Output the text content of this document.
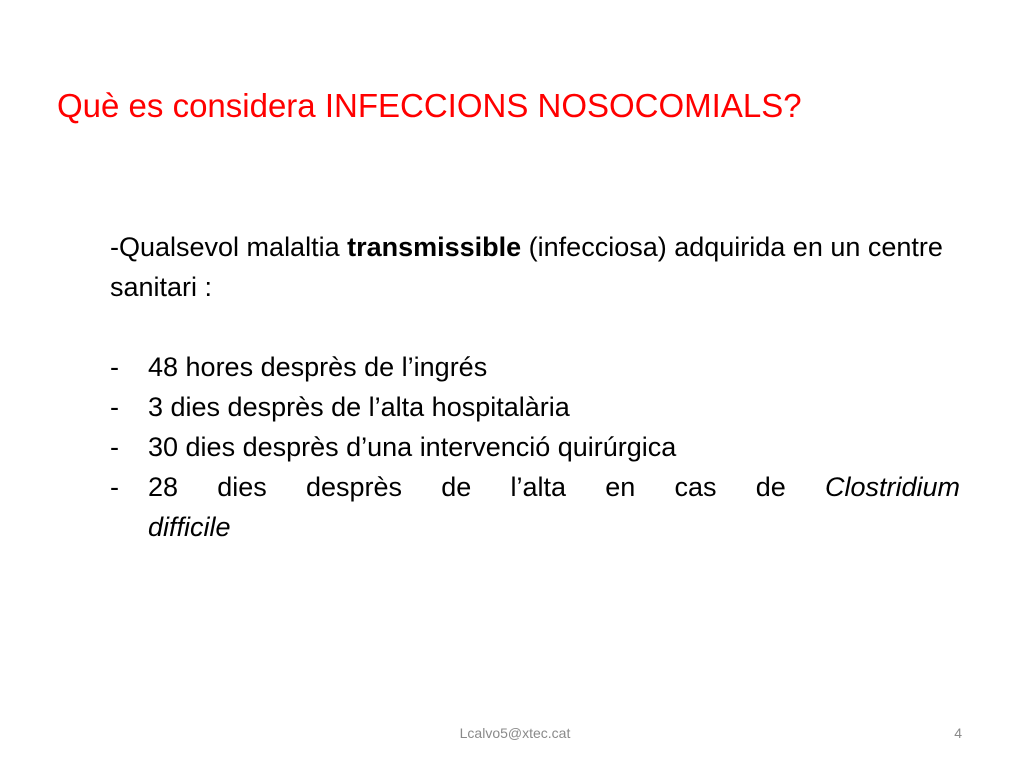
Què es considera INFECCIONS NOSOCOMIALS?

-Qualsevol malaltia transmissible (infecciosa) adquirida en un centre sanitari :

- 48 hores desprès de l’ingrés
- 3 dies desprès de l’alta hospitalària
- 30 dies desprès d’una intervenció quirúrgica
- 28 dies desprès de l’alta en cas de Clostridium
difficile
Lcalvo5@xtec.cat	4
